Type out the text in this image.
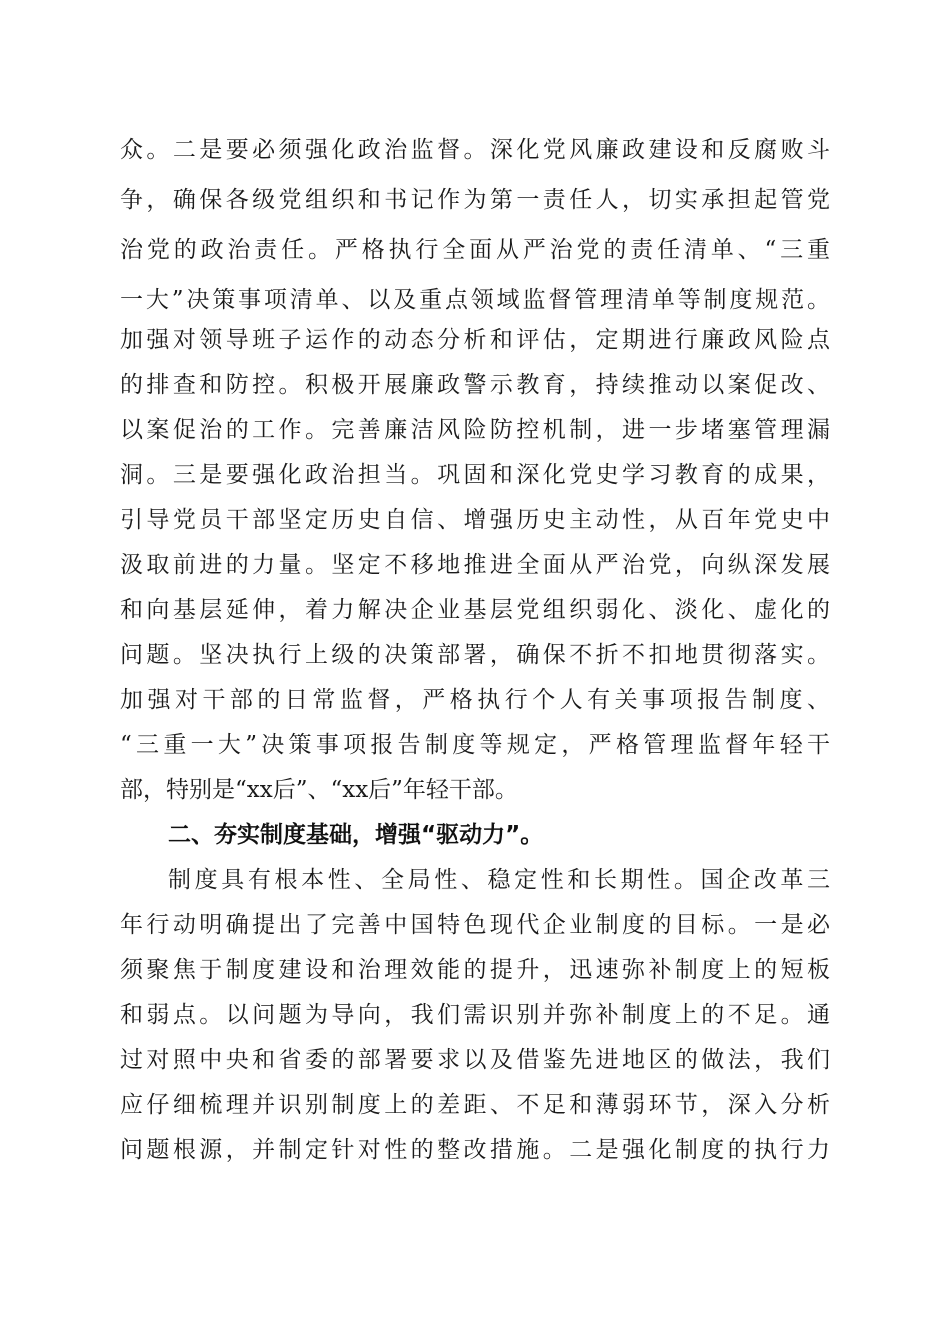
众。二是要必须强化政治监督。深化党风廉政建设和反腐败斗
争，确保各级党组织和书记作为第一责任人，切实承担起管党
治党的政治责任。严格执行全面从严治党的责任清单、“三重
一大”决策事项清单、以及重点领域监督管理清单等制度规范。
加强对领导班子运作的动态分析和评估，定期进行廉政风险点
的排查和防控。积极开展廉政警示教育，持续推动以案促改、
以案促治的工作。完善廉洁风险防控机制，进一步堵塞管理漏
洞。三是要强化政治担当。巩固和深化党史学习教育的成果，
引导党员干部坚定历史自信、增强历史主动性，从百年党史中
汲取前进的力量。坚定不移地推进全面从严治党，向纵深发展
和向基层延伸，着力解决企业基层党组织弱化、淡化、虚化的
问题。坚决执行上级的决策部署，确保不折不扣地贯彻落实。
加强对干部的日常监督，严格执行个人有关事项报告制度、
“三重一大”决策事项报告制度等规定，严格管理监督年轻干
部，特别是“xx后”、“xx后”年轻干部。
二、夯实制度基础，增强“驱动力”。
制度具有根本性、全局性、稳定性和长期性。国企改革三
年行动明确提出了完善中国特色现代企业制度的目标。一是必
须聚焦于制度建设和治理效能的提升，迅速弥补制度上的短板
和弱点。以问题为导向，我们需识别并弥补制度上的不足。通
过对照中央和省委的部署要求以及借鉴先进地区的做法，我们
应仔细梳理并识别制度上的差距、不足和薄弱环节，深入分析
问题根源，并制定针对性的整改措施。二是强化制度的执行力
